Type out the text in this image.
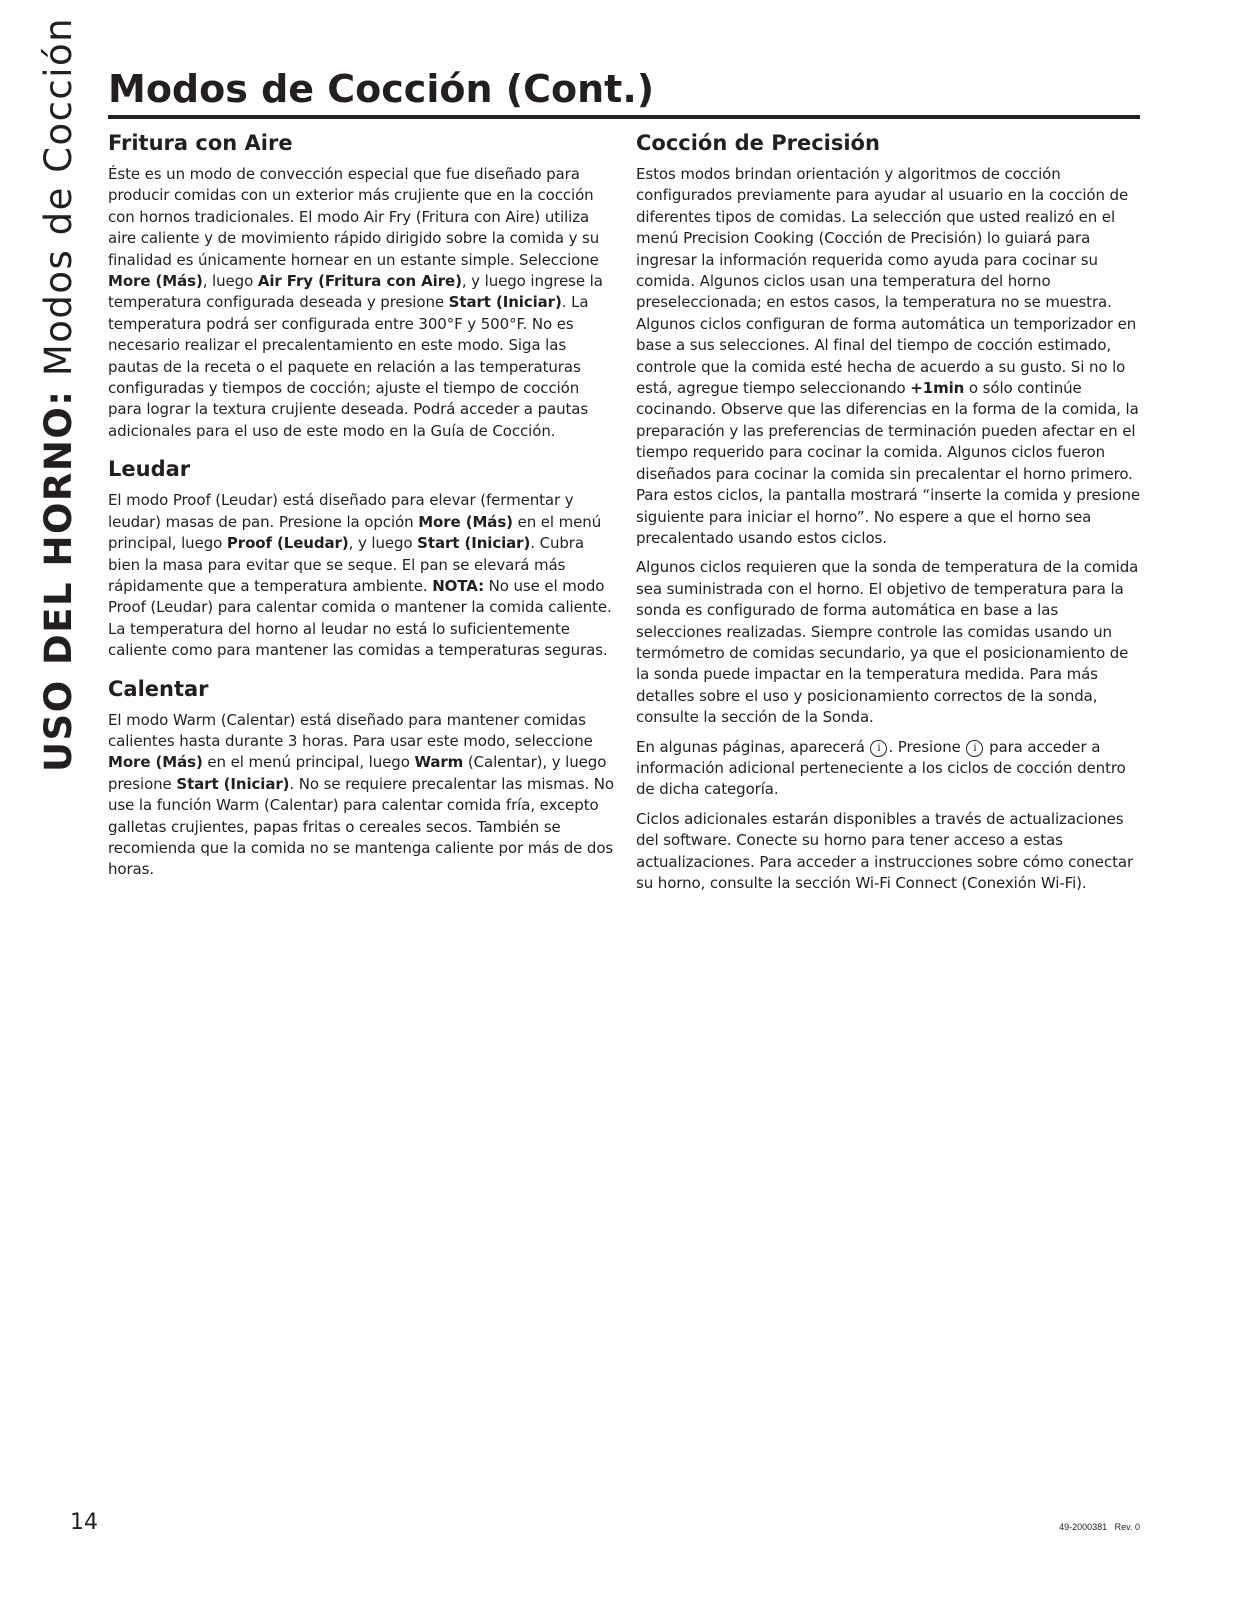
USO DEL HORNO: Modos de Cocción Modos de Cocción (Cont.)
Fritura con Aire

Éste es un modo de convección especial que fue diseñado para producir comidas con un exterior más crujiente que en la cocción con hornos tradicionales. El modo Air Fry (Fritura con Aire) utiliza aire caliente y de movimiento rápido dirigido sobre la comida y su finalidad es únicamente hornear en un estante simple. Seleccione More (Más), luego Air Fry (Fritura con Aire), y luego ingrese la temperatura configurada deseada y presione Start (Iniciar). La temperatura podrá ser configurada entre 300°F y 500°F. No es necesario realizar el precalentamiento en este modo. Siga las pautas de la receta o el paquete en relación a las temperaturas configuradas y tiempos de cocción; ajuste el tiempo de cocción para lograr la textura crujiente deseada. Podrá acceder a pautas adicionales para el uso de este modo en la Guía de Cocción.

Leudar

El modo Proof (Leudar) está diseñado para elevar (fermentar y leudar) masas de pan. Presione la opción More (Más) en el menú principal, luego Proof (Leudar), y luego Start (Iniciar). Cubra bien la masa para evitar que se seque. El pan se elevará más rápidamente que a temperatura ambiente. NOTA: No use el modo Proof (Leudar) para calentar comida o mantener la comida caliente. La temperatura del horno al leudar no está lo suficientemente caliente como para mantener las comidas a temperaturas seguras.

Calentar

El modo Warm (Calentar) está diseñado para mantener comidas calientes hasta durante 3 horas. Para usar este modo, seleccione More (Más) en el menú principal, luego Warm (Calentar), y luego presione Start (Iniciar). No se requiere precalentar las mismas. No use la función Warm (Calentar) para calentar comida fría, excepto galletas crujientes, papas fritas o cereales secos. También se recomienda que la comida no se mantenga caliente por más de dos horas.

Cocción de Precisión

Estos modos brindan orientación y algoritmos de cocción configurados previamente para ayudar al usuario en la cocción de diferentes tipos de comidas. La selección que usted realizó en el menú Precision Cooking (Cocción de Precisión) lo guiará para ingresar la información requerida como ayuda para cocinar su comida. Algunos ciclos usan una temperatura del horno preseleccionada; en estos casos, la temperatura no se muestra. Algunos ciclos configuran de forma automática un temporizador en base a sus selecciones. Al final del tiempo de cocción estimado, controle que la comida esté hecha de acuerdo a su gusto. Si no lo está, agregue tiempo seleccionando +1min o sólo continúe cocinando. Observe que las diferencias en la forma de la comida, la preparación y las preferencias de terminación pueden afectar en el tiempo requerido para cocinar la comida. Algunos ciclos fueron diseñados para cocinar la comida sin precalentar el horno primero. Para estos ciclos, la pantalla mostrará “inserte la comida y presione siguiente para iniciar el horno”. No espere a que el horno sea precalentado usando estos ciclos.

Algunos ciclos requieren que la sonda de temperatura de la comida sea suministrada con el horno. El objetivo de temperatura para la sonda es configurado de forma automática en base a las selecciones realizadas. Siempre controle las comidas usando un termómetro de comidas secundario, ya que el posicionamiento de la sonda puede impactar en la temperatura medida. Para más detalles sobre el uso y posicionamiento correctos de la sonda, consulte la sección de la Sonda.

En algunas páginas, aparecerá i . Presione i para acceder a información adicional perteneciente a los ciclos de cocción dentro de dicha categoría.

Ciclos adicionales estarán disponibles a través de actualizaciones del software. Conecte su horno para tener acceso a estas actualizaciones. Para acceder a instrucciones sobre cómo conectar su horno, consulte la sección Wi-Fi Connect (Conexión Wi-Fi).

14	49-2000381   Rev. 0
